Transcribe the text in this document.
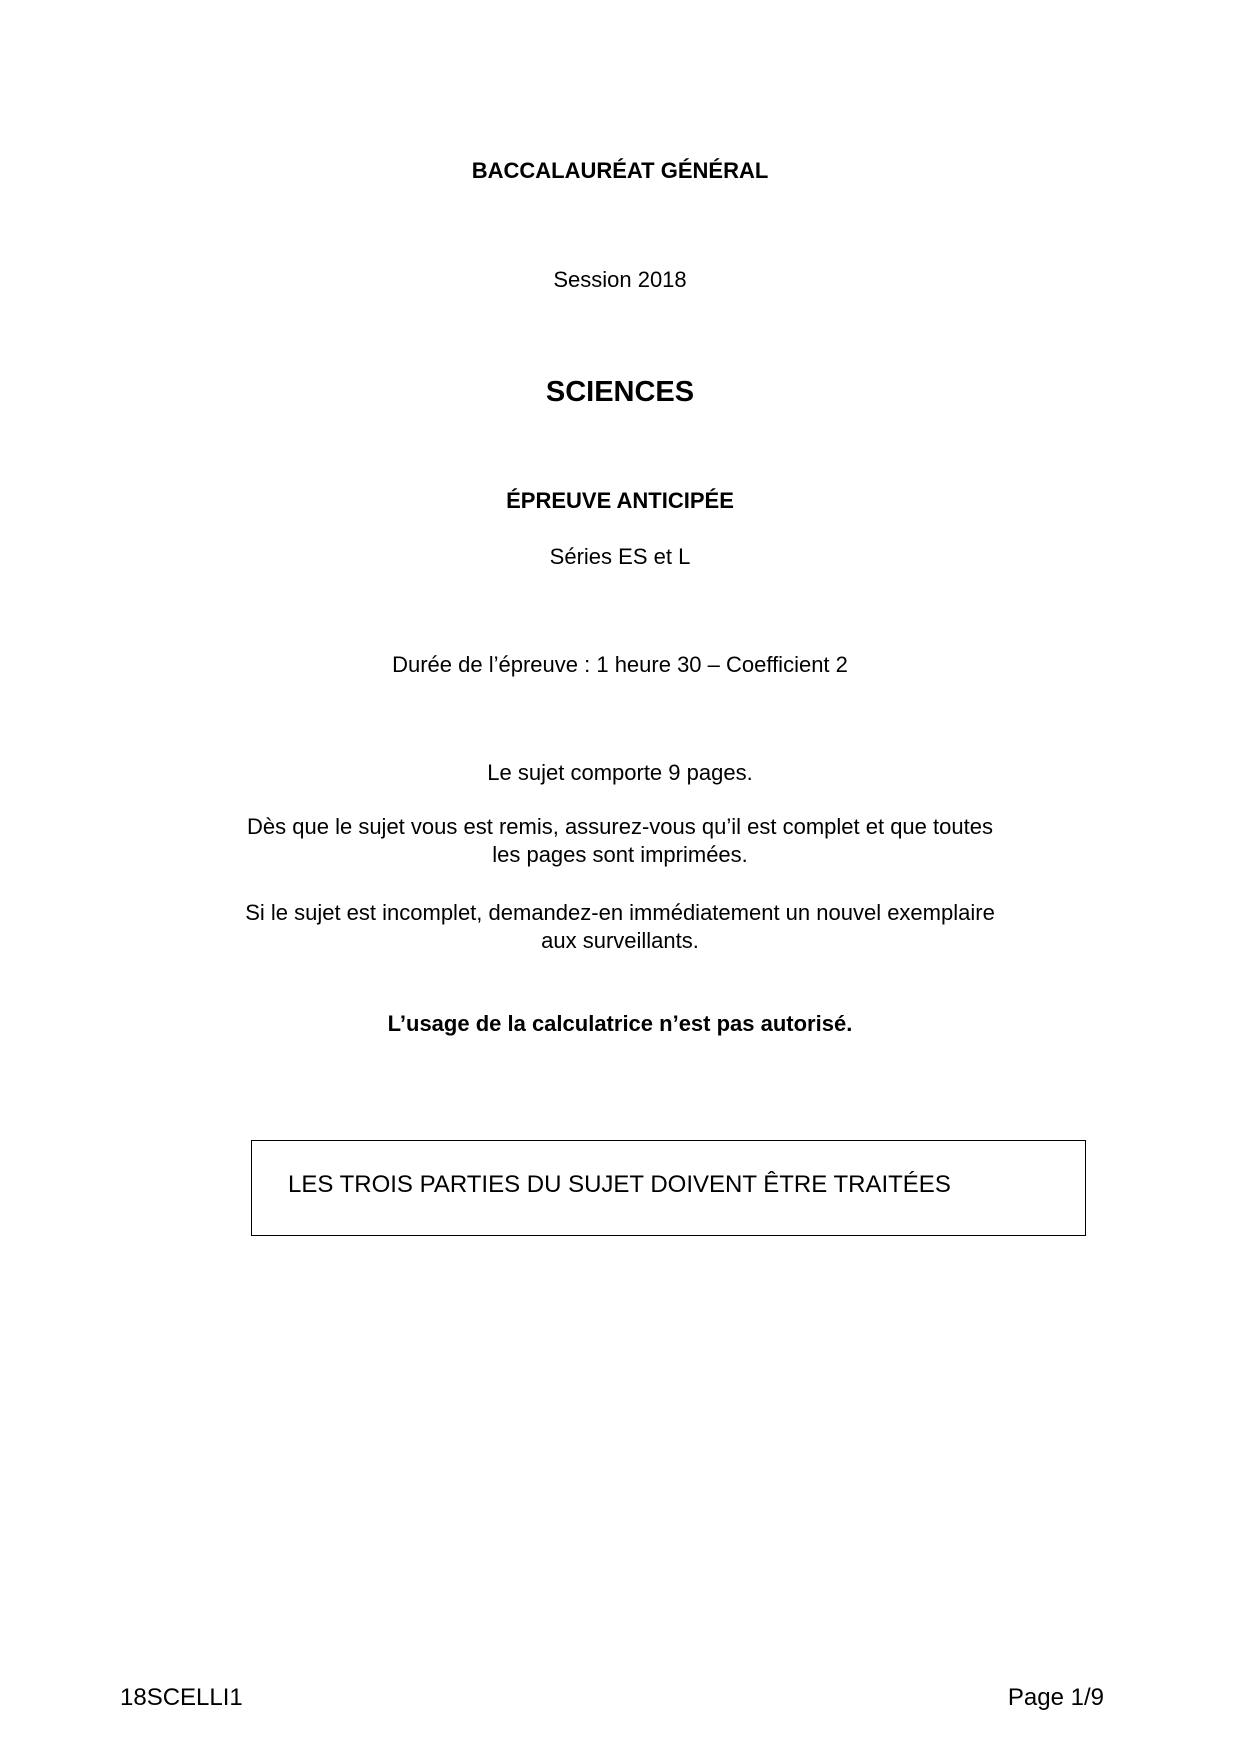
BACCALAURÉAT GÉNÉRAL
Session 2018
SCIENCES
ÉPREUVE ANTICIPÉE
Séries ES et L
Durée de l’épreuve : 1 heure 30 – Coefficient 2
Le sujet comporte 9 pages.
Dès que le sujet vous est remis, assurez-vous qu’il est complet et que toutes
les pages sont imprimées.
Si le sujet est incomplet, demandez-en immédiatement un nouvel exemplaire
aux surveillants.
L’usage de la calculatrice n’est pas autorisé.
LES TROIS PARTIES DU SUJET DOIVENT ÊTRE TRAITÉES
18SCELLI1	Page 1/9
